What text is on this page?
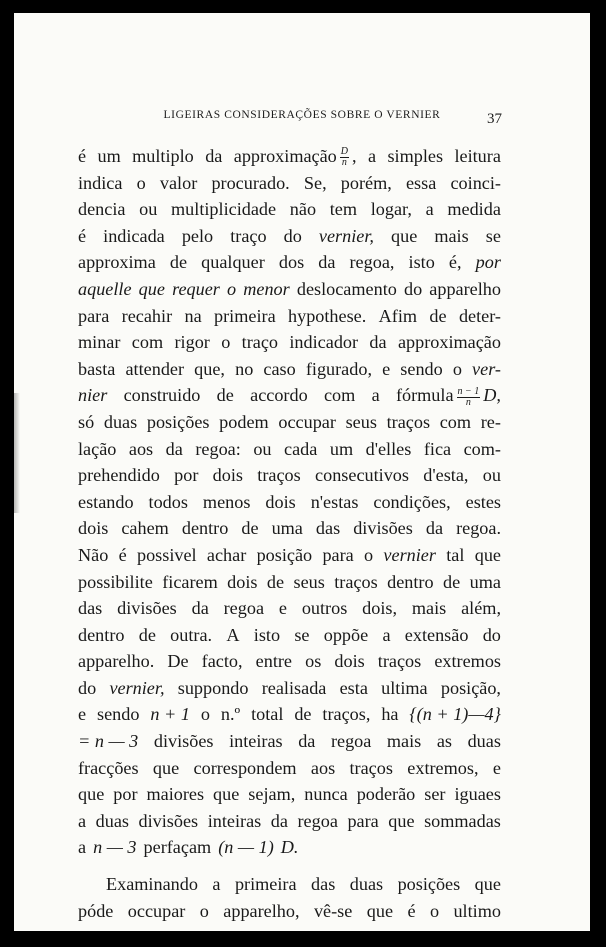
LIGEIRAS CONSIDERAÇÕES SOBRE O VERNIER	37
é um multiplo da approximação $\frac{D}{n}$ , a simples leitura
indica o valor procurado. Se, porém, essa coinci-
dencia ou multiplicidade não tem logar, a medida
é indicada pelo traço do vernier, que mais se
approxima de qualquer dos da regoa, isto é, por
aquelle que requer o menor deslocamento do apparelho
para recahir na primeira hypothese. Afim de deter-
minar com rigor o traço indicador da approximação
basta attender que, no caso figurado, e sendo o ver-
nier construido de accordo com a fórmula $\frac{n - 1}{n} D$,
só duas posições podem occupar seus traços com re-
lação aos da regoa: ou cada um d'elles fica com-
prehendido por dois traços consecutivos d'esta, ou
estando todos menos dois n'estas condições, estes
dois cahem dentro de uma das divisões da regoa.
Não é possivel achar posição para o vernier tal que
possibilite ficarem dois de seus traços dentro de uma
das divisões da regoa e outros dois, mais além,
dentro de outra. A isto se oppõe a extensão do
apparelho. De facto, entre os dois traços extremos
do vernier, suppondo realisada esta ultima posição,
e sendo n + 1 o n.º total de traços, ha {(n + 1)—4}
= n — 3 divisões inteiras da regoa mais as duas
fracções que correspondem aos traços extremos, e
que por maiores que sejam, nunca poderão ser iguaes
a duas divisões inteiras da regoa para que sommadas
a n — 3 perfaçam (n — 1) D.
Examinando a primeira das duas posições que
póde occupar o apparelho, vê-se que é o ultimo
